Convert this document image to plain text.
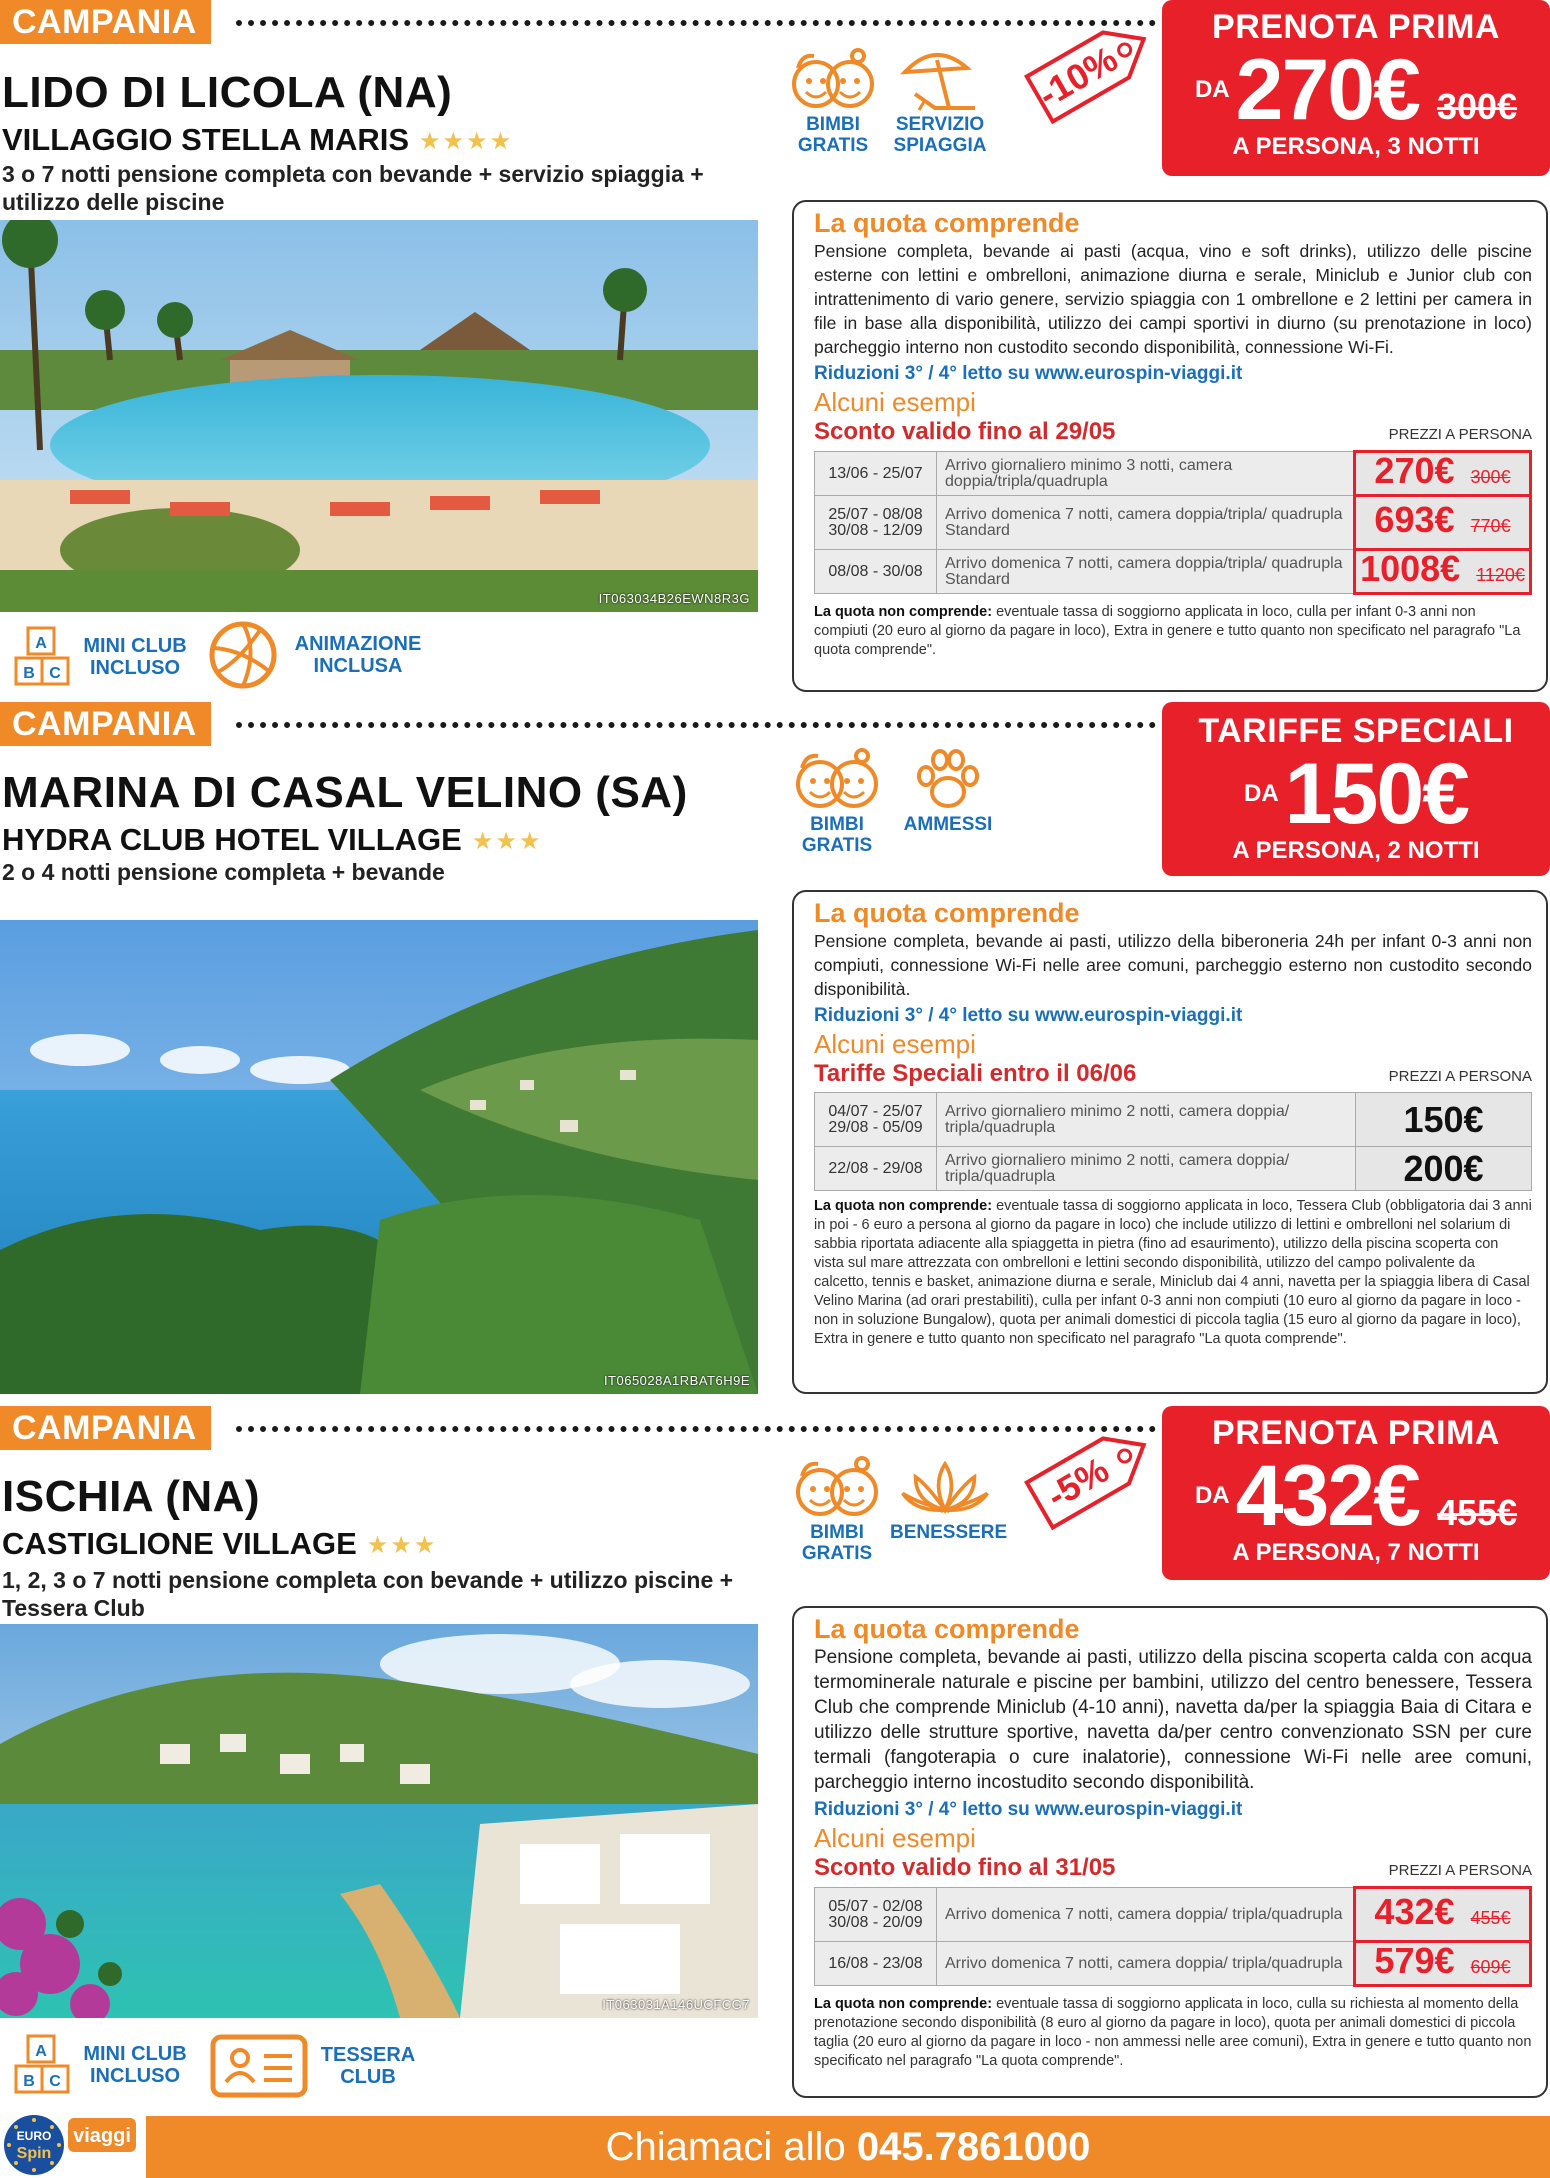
CAMPANIA
LIDO DI LICOLA (NA)
VILLAGGIO STELLA MARIS ★★★★
3 o 7 notti pensione completa con bevande + servizio spiaggia + utilizzo delle piscine
BIMBI GRATIS
SERVIZIO SPIAGGIA
-10%
PRENOTA PRIMA
DA 270€ 300€
A PERSONA, 3 NOTTI
IT063034B26EWN8R3G
A
B C
MINI CLUB INCLUSO
ANIMAZIONE INCLUSA
La quota comprende
Pensione completa, bevande ai pasti (acqua, vino e soft drinks), utilizzo delle piscine esterne con lettini e ombrelloni, animazione diurna e serale, Miniclub e Junior club con intrattenimento di vario genere, servizio spiaggia con 1 ombrellone e 2 lettini per camera in file in base alla disponibilità, utilizzo dei campi sportivi in diurno (su prenotazione in loco) parcheggio interno non custodito secondo disponibilità, connessione Wi-Fi.
Riduzioni 3° / 4° letto su www.eurospin-viaggi.it
Alcuni esempi
Sconto valido fino al 29/05	PREZZI A PERSONA
13/06 - 25/07	Arrivo giornaliero minimo 3 notti, camera doppia/tripla/quadrupla	270€ 300€
25/07 - 08/08 30/08 - 12/09	Arrivo domenica 7 notti, camera doppia/tripla/ quadrupla Standard	693€ 770€
08/08 - 30/08	Arrivo domenica 7 notti, camera doppia/tripla/ quadrupla Standard	1008€ 1120€
La quota non comprende: eventuale tassa di soggiorno applicata in loco, culla per infant 0-3 anni non compiuti (20 euro al giorno da pagare in loco), Extra in genere e tutto quanto non specificato nel paragrafo "La quota comprende".
CAMPANIA
MARINA DI CASAL VELINO (SA)
HYDRA CLUB HOTEL VILLAGE ★★★
2 o 4 notti pensione completa + bevande
BIMBI GRATIS
AMMESSI
TARIFFE SPECIALI
DA 150€
A PERSONA, 2 NOTTI
IT065028A1RBAT6H9E
La quota comprende
Pensione completa, bevande ai pasti, utilizzo della biberoneria 24h per infant 0-3 anni non compiuti, connessione Wi-Fi nelle aree comuni, parcheggio esterno non custodito secondo disponibilità.
Riduzioni 3° / 4° letto su www.eurospin-viaggi.it
Alcuni esempi
Tariffe Speciali entro il 06/06	PREZZI A PERSONA
04/07 - 25/07 29/08 - 05/09	Arrivo giornaliero minimo 2 notti, camera doppia/ tripla/quadrupla	150€
22/08 - 29/08	Arrivo giornaliero minimo 2 notti, camera doppia/ tripla/quadrupla	200€
La quota non comprende: eventuale tassa di soggiorno applicata in loco, Tessera Club (obbligatoria dai 3 anni in poi - 6 euro a persona al giorno da pagare in loco) che include utilizzo di lettini e ombrelloni nel solarium di sabbia riportata adiacente alla spiaggetta in pietra (fino ad esaurimento), utilizzo della piscina scoperta con vista sul mare attrezzata con ombrelloni e lettini secondo disponibilità, utilizzo del campo polivalente da calcetto, tennis e basket, animazione diurna e serale, Miniclub dai 4 anni, navetta per la spiaggia libera di Casal Velino Marina (ad orari prestabiliti), culla per infant 0-3 anni non compiuti (10 euro al giorno da pagare in loco - non in soluzione Bungalow), quota per animali domestici di piccola taglia (15 euro al giorno da pagare in loco), Extra in genere e tutto quanto non specificato nel paragrafo "La quota comprende".
CAMPANIA
ISCHIA (NA)
CASTIGLIONE VILLAGE ★★★
1, 2, 3 o 7 notti pensione completa con bevande + utilizzo piscine + Tessera Club
BIMBI GRATIS
BENESSERE
-5%
PRENOTA PRIMA
DA 432€ 455€
A PERSONA, 7 NOTTI
IT063031A146UCFCG7
A
B C
MINI CLUB INCLUSO
TESSERA CLUB
La quota comprende
Pensione completa, bevande ai pasti, utilizzo della piscina scoperta calda con acqua termominerale naturale e piscine per bambini, utilizzo del centro benessere, Tessera Club che comprende Miniclub (4-10 anni), navetta da/per la spiaggia Baia di Citara e utilizzo delle strutture sportive, navetta da/per centro convenzionato SSN per cure termali (fangoterapia o cure inalatorie), connessione Wi-Fi nelle aree comuni, parcheggio interno incostudito secondo disponibilità.
Riduzioni 3° / 4° letto su www.eurospin-viaggi.it
Alcuni esempi
Sconto valido fino al 31/05	PREZZI A PERSONA
05/07 - 02/08 30/08 - 20/09	Arrivo domenica 7 notti, camera doppia/ tripla/quadrupla	432€ 455€
16/08 - 23/08	Arrivo domenica 7 notti, camera doppia/ tripla/quadrupla	579€ 609€
La quota non comprende: eventuale tassa di soggiorno applicata in loco, culla su richiesta al momento della prenotazione secondo disponibilità (8 euro al giorno da pagare in loco), quota per animali domestici di piccola taglia (20 euro al giorno da pagare in loco - non ammessi nelle aree comuni), Extra in genere e tutto quanto non specificato nel paragrafo "La quota comprende".
EURO
Spin
viaggi	Chiamaci allo 045.7861000
